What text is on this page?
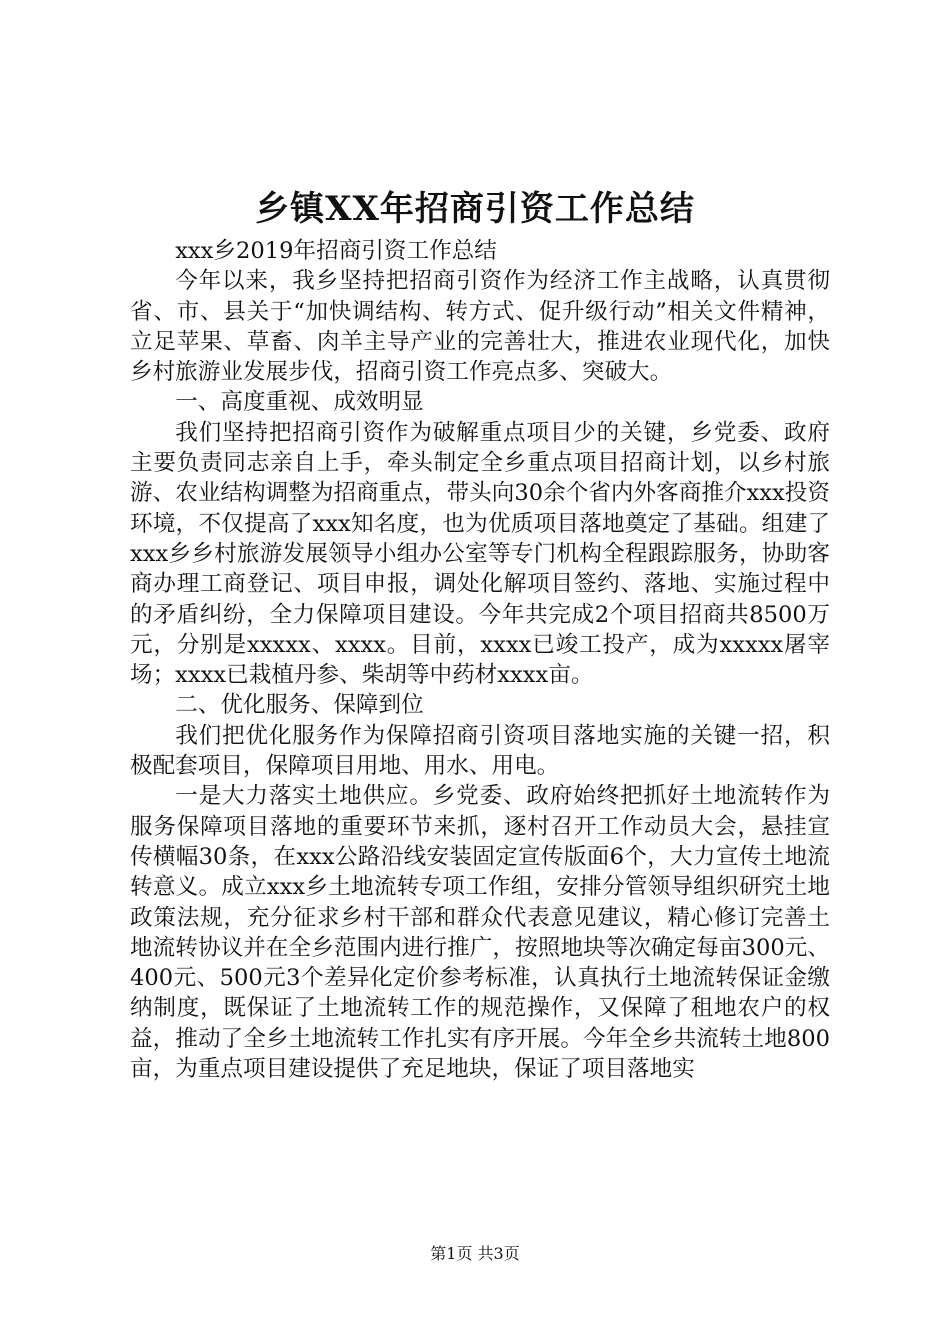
乡镇XX年招商引资工作总结

xxx乡2019年招商引资工作总结

今年以来，我乡坚持把招商引资作为经济工作主战略，认真贯彻省、市、县关于“加快调结构、转方式、促升级行动”相关文件精神，立足苹果、草畜、肉羊主导产业的完善壮大，推进农业现代化，加快乡村旅游业发展步伐，招商引资工作亮点多、突破大。

一、高度重视、成效明显

我们坚持把招商引资作为破解重点项目少的关键，乡党委、政府主要负责同志亲自上手，牵头制定全乡重点项目招商计划，以乡村旅游、农业结构调整为招商重点，带头向30余个省内外客商推介xxx投资环境，不仅提高了xxx知名度，也为优质项目落地奠定了基础。组建了xxx乡乡村旅游发展领导小组办公室等专门机构全程跟踪服务，协助客商办理工商登记、项目申报，调处化解项目签约、落地、实施过程中的矛盾纠纷，全力保障项目建设。今年共完成2个项目招商共8500万元，分别是xxxxx、xxxx。目前，xxxx已竣工投产，成为xxxxx屠宰场；xxxx已栽植丹参、柴胡等中药材xxxx亩。

二、优化服务、保障到位

我们把优化服务作为保障招商引资项目落地实施的关键一招，积极配套项目，保障项目用地、用水、用电。

一是大力落实土地供应。乡党委、政府始终把抓好土地流转作为服务保障项目落地的重要环节来抓，逐村召开工作动员大会，悬挂宣传横幅30条，在xxx公路沿线安装固定宣传版面6个，大力宣传土地流转意义。成立xxx乡土地流转专项工作组，安排分管领导组织研究土地政策法规，充分征求乡村干部和群众代表意见建议，精心修订完善土地流转协议并在全乡范围内进行推广，按照地块等次确定每亩300元、400元、500元3个差异化定价参考标准，认真执行土地流转保证金缴纳制度，既保证了土地流转工作的规范操作，又保障了租地农户的权益，推动了全乡土地流转工作扎实有序开展。今年全乡共流转土地800亩，为重点项目建设提供了充足地块，保证了项目落地实

第1页 共3页
